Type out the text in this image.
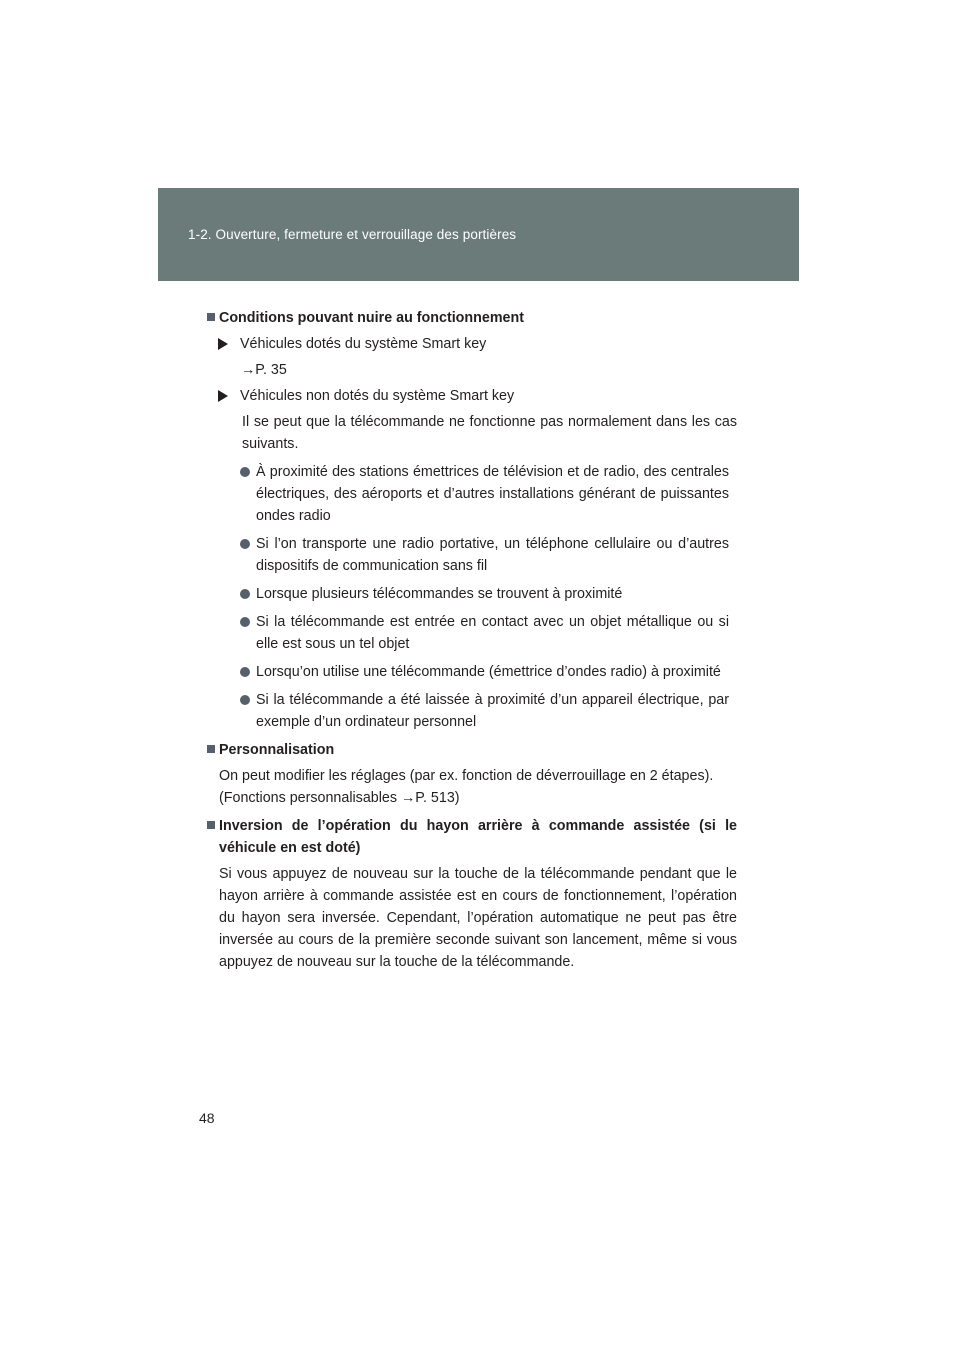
1-2. Ouverture, fermeture et verrouillage des portières
Conditions pouvant nuire au fonctionnement
Véhicules dotés du système Smart key
→P. 35
Véhicules non dotés du système Smart key
Il se peut que la télécommande ne fonctionne pas normalement dans les cas suivants.
À proximité des stations émettrices de télévision et de radio, des centrales électriques, des aéroports et d’autres installations générant de puissantes ondes radio
Si l’on transporte une radio portative, un téléphone cellulaire ou d’autres dispositifs de communication sans fil
Lorsque plusieurs télécommandes se trouvent à proximité
Si la télécommande est entrée en contact avec un objet métallique ou si elle est sous un tel objet
Lorsqu’on utilise une télécommande (émettrice d’ondes radio) à proximité
Si la télécommande a été laissée à proximité d’un appareil électrique, par exemple d’un ordinateur personnel
Personnalisation
On peut modifier les réglages (par ex. fonction de déverrouillage en 2 étapes).
(Fonctions personnalisables →P. 513)
Inversion de l’opération du hayon arrière à commande assistée (si le véhicule en est doté)
Si vous appuyez de nouveau sur la touche de la télécommande pendant que le hayon arrière à commande assistée est en cours de fonctionnement, l’opération du hayon sera inversée. Cependant, l’opération automatique ne peut pas être inversée au cours de la première seconde suivant son lancement, même si vous appuyez de nouveau sur la touche de la télécommande.
48
